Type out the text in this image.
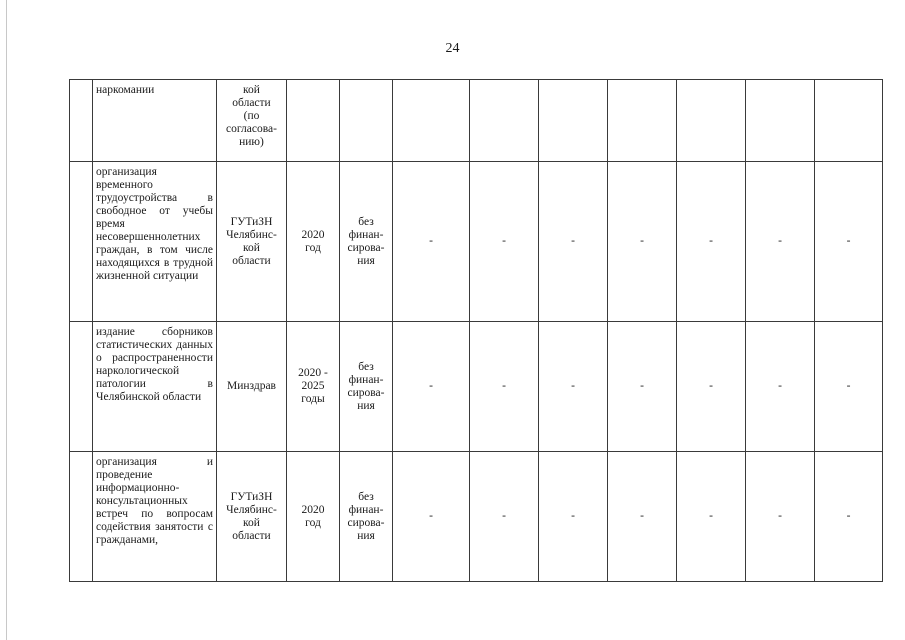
24
	наркомании	кой
области
(по
согласова-
нию)									
	организация временного трудоустройства в свободное от учебы время несовершеннолетних граждан, в том числе находящихся в трудной жизненной ситуации	ГУТиЗН
Челябинс-
кой
области	2020
год	без
финан-
сирова-
ния	-	-	-	-	-	-	-
	издание сборников статистических данных о распространенности наркологической патологии в Челябинской области	Минздрав	2020 -
2025
годы	без
финан-
сирова-
ния	-	-	-	-	-	-	-
	организация и проведение информационно-консультационных встреч по вопросам содействия занятости с гражданами,	ГУТиЗН
Челябинс-
кой
области	2020
год	без
финан-
сирова-
ния	-	-	-	-	-	-	-
